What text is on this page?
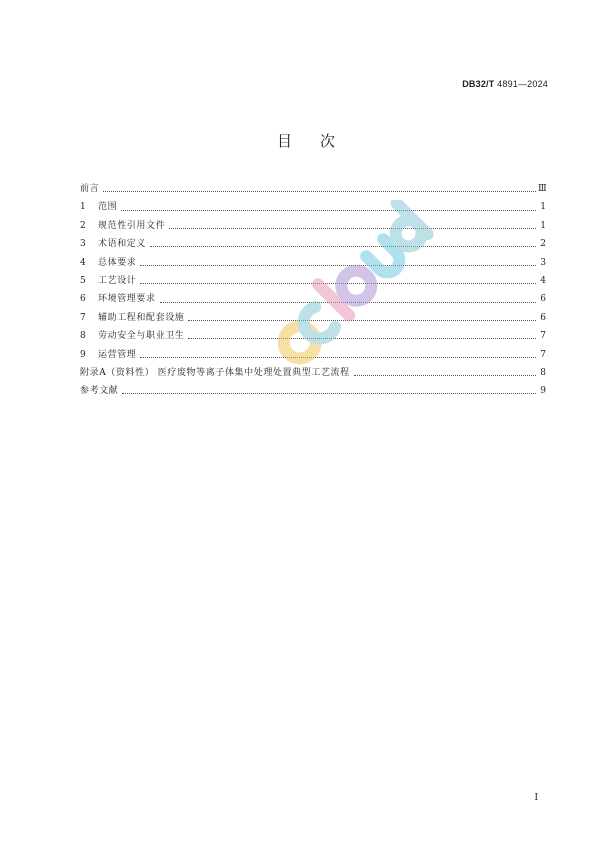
DB32/T 4891—2024
目次
前言	Ⅲ
1	范围	1
2	规范性引用文件	1
3	术语和定义	2
4	总体要求	3
5	工艺设计	4
6	环境管理要求	6
7	辅助工程和配套设施	6
8	劳动安全与职业卫生	7
9	运营管理	7
附录A（资料性） 医疗废物等离子体集中处理处置典型工艺流程	8
参考文献	9
I
